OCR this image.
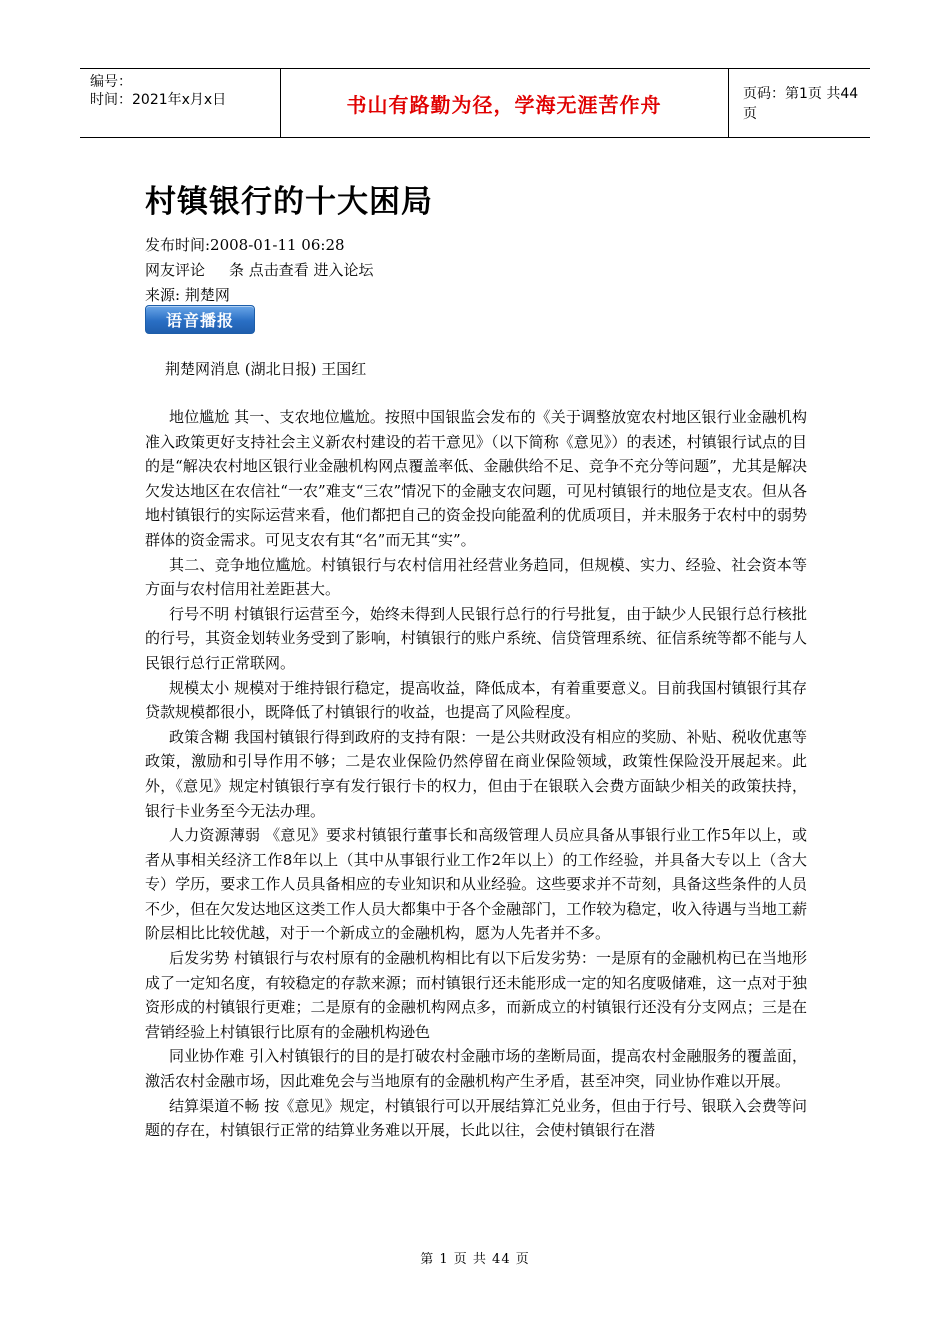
编号：
时间：2021年x月x日	书山有路勤为径，学海无涯苦作舟	页码：第1页 共44页
村镇银行的十大困局
发布时间:2008-01-11 06:28
网友评论 条 点击查看 进入论坛
来源: 荆楚网
语音播报
荆楚网消息 (湖北日报) 王国红

地位尴尬 其一、支农地位尴尬。按照中国银监会发布的《关于调整放宽农村地区银行业金融机构准入政策更好支持社会主义新农村建设的若干意见》（以下简称《意见》）的表述，村镇银行试点的目的是“解决农村地区银行业金融机构网点覆盖率低、金融供给不足、竞争不充分等问题”，尤其是解决欠发达地区在农信社“一农”难支“三农”情况下的金融支农问题，可见村镇银行的地位是支农。但从各地村镇银行的实际运营来看，他们都把自己的资金投向能盈利的优质项目，并未服务于农村中的弱势群体的资金需求。可见支农有其“名”而无其“实”。

其二、竞争地位尴尬。村镇银行与农村信用社经营业务趋同，但规模、实力、经验、社会资本等方面与农村信用社差距甚大。

行号不明 村镇银行运营至今，始终未得到人民银行总行的行号批复，由于缺少人民银行总行核批的行号，其资金划转业务受到了影响，村镇银行的账户系统、信贷管理系统、征信系统等都不能与人民银行总行正常联网。

规模太小 规模对于维持银行稳定，提高收益，降低成本，有着重要意义。目前我国村镇银行其存贷款规模都很小，既降低了村镇银行的收益，也提高了风险程度。

政策含糊 我国村镇银行得到政府的支持有限：一是公共财政没有相应的奖励、补贴、税收优惠等政策，激励和引导作用不够；二是农业保险仍然停留在商业保险领域，政策性保险没开展起来。此外，《意见》规定村镇银行享有发行银行卡的权力，但由于在银联入会费方面缺少相关的政策扶持，银行卡业务至今无法办理。

人力资源薄弱 《意见》要求村镇银行董事长和高级管理人员应具备从事银行业工作5年以上，或者从事相关经济工作8年以上（其中从事银行业工作2年以上）的工作经验，并具备大专以上（含大专）学历，要求工作人员具备相应的专业知识和从业经验。这些要求并不苛刻，具备这些条件的人员不少，但在欠发达地区这类工作人员大都集中于各个金融部门，工作较为稳定，收入待遇与当地工薪阶层相比比较优越，对于一个新成立的金融机构，愿为人先者并不多。

后发劣势 村镇银行与农村原有的金融机构相比有以下后发劣势：一是原有的金融机构已在当地形成了一定知名度，有较稳定的存款来源；而村镇银行还未能形成一定的知名度吸储难，这一点对于独资形成的村镇银行更难；二是原有的金融机构网点多，而新成立的村镇银行还没有分支网点；三是在营销经验上村镇银行比原有的金融机构逊色

同业协作难 引入村镇银行的目的是打破农村金融市场的垄断局面，提高农村金融服务的覆盖面，激活农村金融市场，因此难免会与当地原有的金融机构产生矛盾，甚至冲突，同业协作难以开展。

结算渠道不畅 按《意见》规定，村镇银行可以开展结算汇兑业务，但由于行号、银联入会费等问题的存在，村镇银行正常的结算业务难以开展，长此以往，会使村镇银行在潜

第 1 页 共 44 页
